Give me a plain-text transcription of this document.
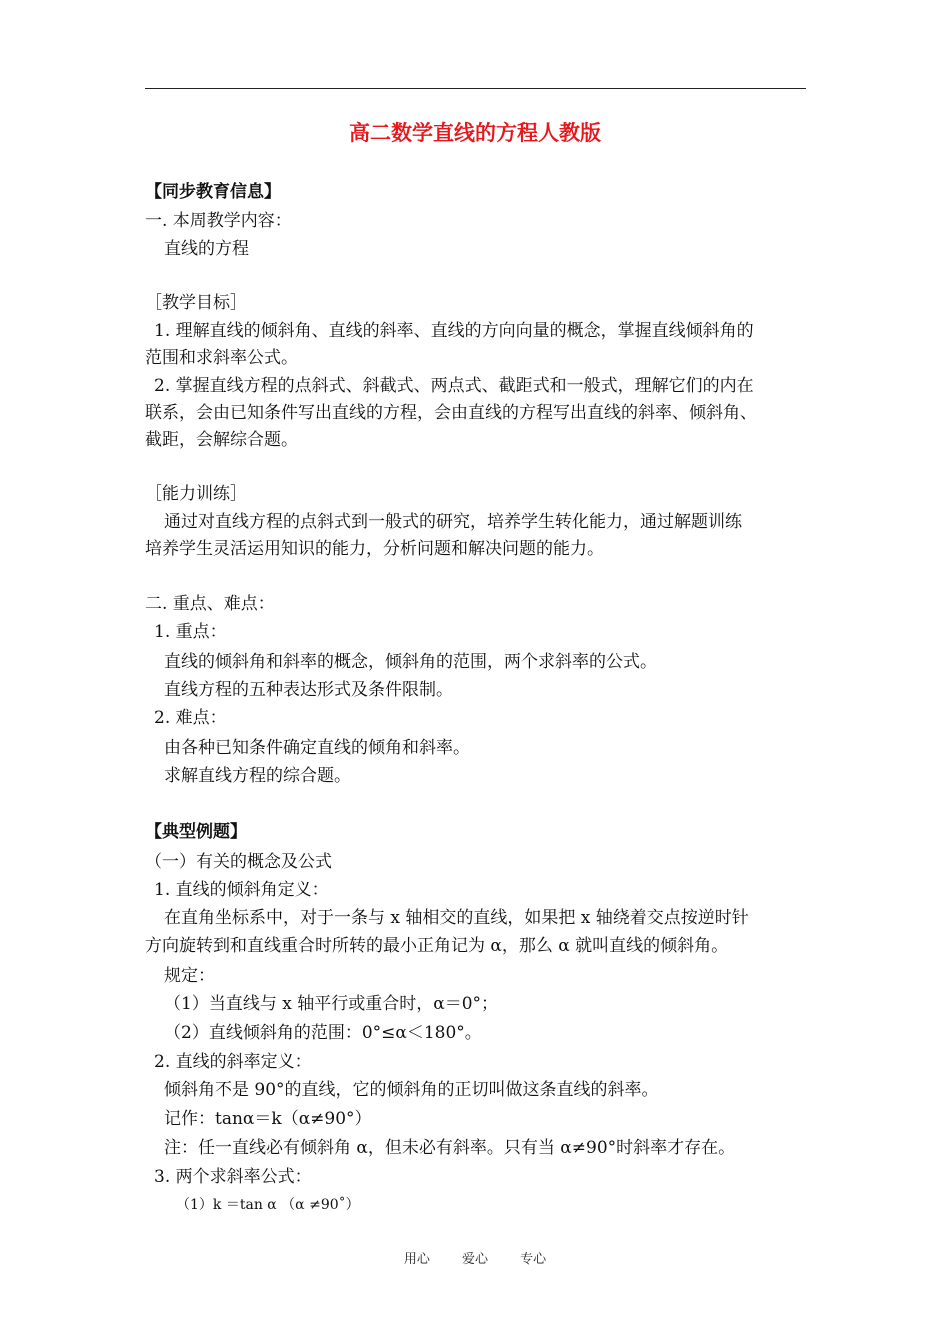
高二数学直线的方程人教版
【同步教育信息】
一. 本周教学内容：
直线的方程
［教学目标］
1. 理解直线的倾斜角、直线的斜率、直线的方向向量的概念，掌握直线倾斜角的
范围和求斜率公式。
2. 掌握直线方程的点斜式、斜截式、两点式、截距式和一般式，理解它们的内在
联系，会由已知条件写出直线的方程，会由直线的方程写出直线的斜率、倾斜角、
截距，会解综合题。
［能力训练］
通过对直线方程的点斜式到一般式的研究，培养学生转化能力，通过解题训练
培养学生灵活运用知识的能力，分析问题和解决问题的能力。
二. 重点、难点：
1. 重点：
直线的倾斜角和斜率的概念，倾斜角的范围，两个求斜率的公式。
直线方程的五种表达形式及条件限制。
2. 难点：
由各种已知条件确定直线的倾角和斜率。
求解直线方程的综合题。
【典型例题】
（一）有关的概念及公式
1. 直线的倾斜角定义：
在直角坐标系中，对于一条与 x 轴相交的直线，如果把 x 轴绕着交点按逆时针
方向旋转到和直线重合时所转的最小正角记为 α，那么 α 就叫直线的倾斜角。
规定：
（1）当直线与 x 轴平行或重合时，α＝0°；
（2）直线倾斜角的范围：0°≤α＜180°。
2. 直线的斜率定义：
倾斜角不是 90°的直线，它的倾斜角的正切叫做这条直线的斜率。
记作：tanα＝k（α≠90°）
注：任一直线必有倾斜角 α，但未必有斜率。只有当 α≠90°时斜率才存在。
3. 两个求斜率公式：
（1）k ＝tan α （α ≠90˚）
用心 爱心 专心
